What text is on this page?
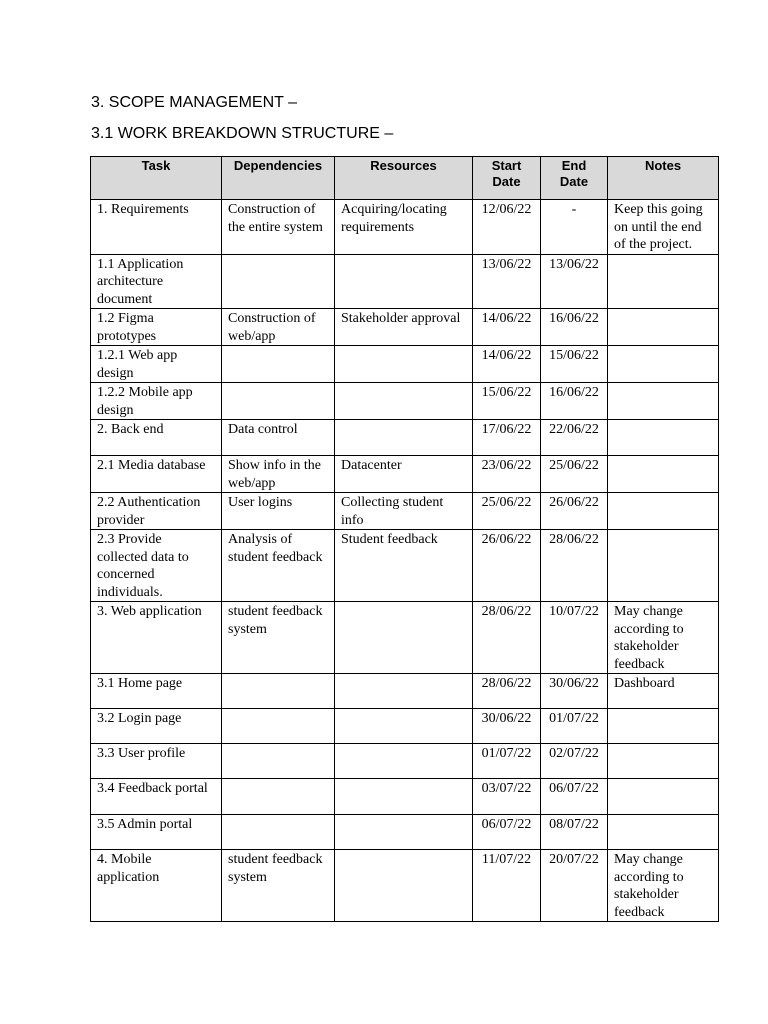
3. SCOPE MANAGEMENT –
3.1 WORK BREAKDOWN STRUCTURE –
Task	Dependencies	Resources	Start Date	End Date	Notes
1. Requirements	Construction of the entire system	Acquiring/locating requirements	12/06/22	-	Keep this going on until the end of the project.
1.1 Application architecture document			13/06/22	13/06/22	
1.2 Figma prototypes	Construction of web/app	Stakeholder approval	14/06/22	16/06/22	
1.2.1 Web app design			14/06/22	15/06/22	
1.2.2 Mobile app design			15/06/22	16/06/22	
2. Back end	Data control		17/06/22	22/06/22	
2.1 Media database	Show info in the web/app	Datacenter	23/06/22	25/06/22	
2.2 Authentication provider	User logins	Collecting student info	25/06/22	26/06/22	
2.3 Provide collected data to concerned individuals.	Analysis of student feedback	Student feedback	26/06/22	28/06/22	
3. Web application	student feedback system		28/06/22	10/07/22	May change according to stakeholder feedback
3.1 Home page			28/06/22	30/06/22	Dashboard
3.2 Login page			30/06/22	01/07/22	
3.3 User profile			01/07/22	02/07/22	
3.4 Feedback portal			03/07/22	06/07/22	
3.5 Admin portal			06/07/22	08/07/22	
4. Mobile application	student feedback system		11/07/22	20/07/22	May change according to stakeholder feedback
